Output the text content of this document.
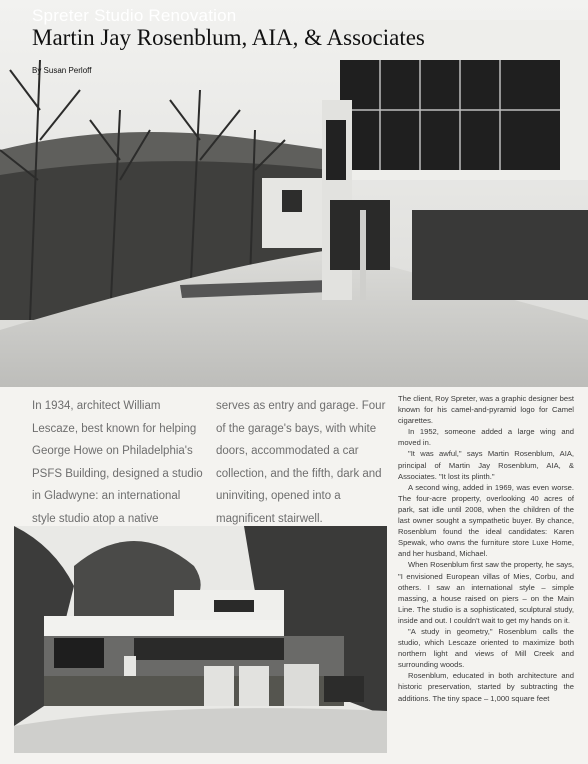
Spreter Studio Renovation
Martin Jay Rosenblum, AIA, & Associates
By Susan Perloff
In 1934, architect William Lescaze, best known for helping George Howe on Philadelphia's PSFS Building, designed a studio in Gladwyne: an international style studio atop a native
serves as entry and garage. Four of the garage's bays, with white doors, accommodated a car collection, and the fifth, dark and uninviting, opened into a magnificent stairwell.

The client, Roy Spreter, was a graphic designer best known for his camel-and-pyramid logo for Camel cigarettes.

In 1952, someone added a large wing and moved in.

"It was awful," says Martin Rosenblum, AIA, principal of Martin Jay Rosenblum, AIA, & Associates. "It lost its plinth."

A second wing, added in 1969, was even worse. The four-acre property, overlooking 40 acres of park, sat idle until 2008, when the children of the last owner sought a sympathetic buyer. By chance, Rosenblum found the ideal candidates: Karen Spewak, who owns the furniture store Luxe Home, and her husband, Michael.

When Rosenblum first saw the property, he says, "I envisioned European villas of Mies, Corbu, and others. I saw an international style – simple massing, a house raised on piers – on the Main Line. The studio is a sophisticated, sculptural study, inside and out. I couldn't wait to get my hands on it.

"A study in geometry," Rosenblum calls the studio, which Lescaze oriented to maximize both northern light and views of Mill Creek and surrounding woods.

Rosenblum, educated in both architecture and historic preservation, started by subtracting the additions. The tiny space – 1,000 square feet
